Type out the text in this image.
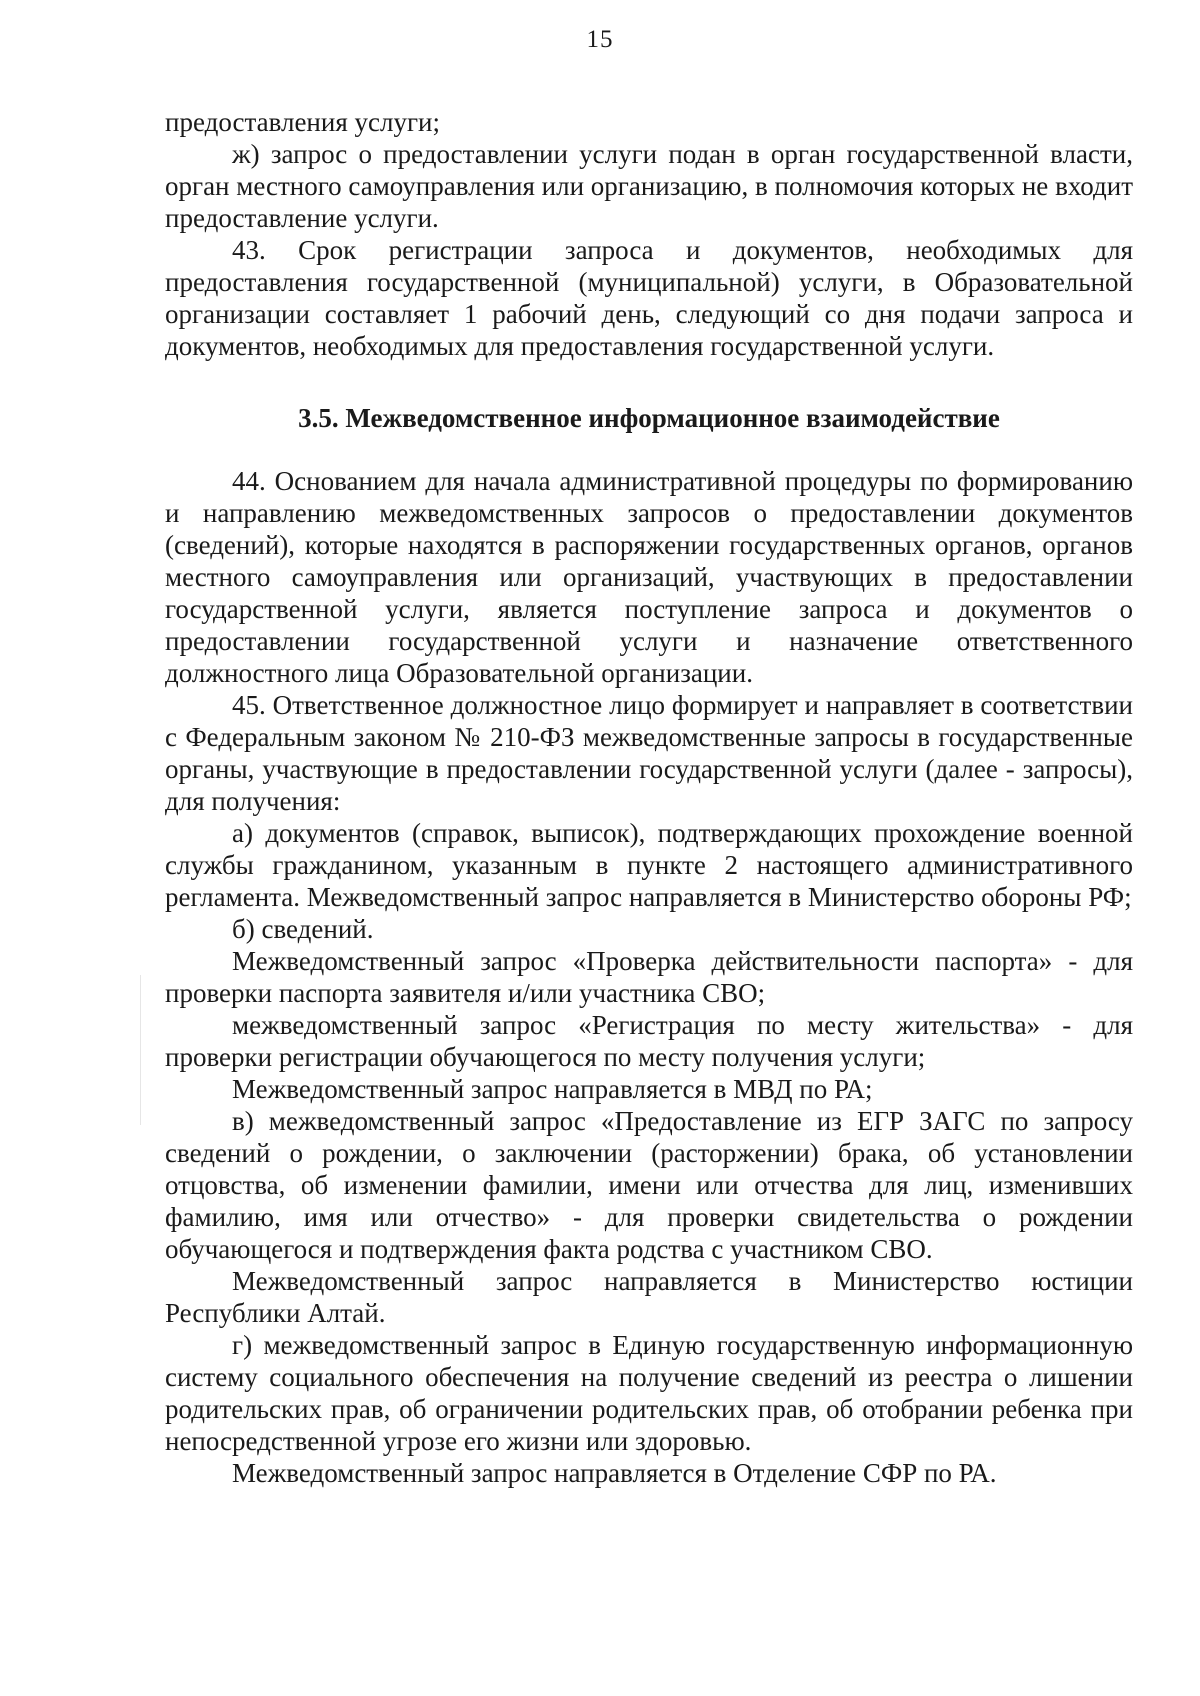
15

предоставления услуги;

ж) запрос о предоставлении услуги подан в орган государственной власти, орган местного самоуправления или организацию, в полномочия которых не входит предоставление услуги.

43. Срок регистрации запроса и документов, необходимых для предоставления государственной (муниципальной) услуги, в Образовательной организации составляет 1 рабочий день, следующий со дня подачи запроса и документов, необходимых для предоставления государственной услуги.

3.5. Межведомственное информационное взаимодействие

44. Основанием для начала административной процедуры по формированию и направлению межведомственных запросов о предоставлении документов (сведений), которые находятся в распоряжении государственных органов, органов местного самоуправления или организаций, участвующих в предоставлении государственной услуги, является поступление запроса и документов о предоставлении государственной услуги и назначение ответственного должностного лица Образовательной организации.

45. Ответственное должностное лицо формирует и направляет в соответствии с Федеральным законом № 210-ФЗ межведомственные запросы в государственные органы, участвующие в предоставлении государственной услуги (далее - запросы), для получения:

а) документов (справок, выписок), подтверждающих прохождение военной службы гражданином, указанным в пункте 2 настоящего административного регламента. Межведомственный запрос направляется в Министерство обороны РФ;

б) сведений.

Межведомственный запрос «Проверка действительности паспорта» - для проверки паспорта заявителя и/или участника СВО;

межведомственный запрос «Регистрация по месту жительства» - для проверки регистрации обучающегося по месту получения услуги;

Межведомственный запрос направляется в МВД по РА;

в) межведомственный запрос «Предоставление из ЕГР ЗАГС по запросу сведений о рождении, о заключении (расторжении) брака, об установлении отцовства, об изменении фамилии, имени или отчества для лиц, изменивших фамилию, имя или отчество» - для проверки свидетельства о рождении обучающегося и подтверждения факта родства с участником СВО.

Межведомственный запрос направляется в Министерство юстиции Республики Алтай.

г) межведомственный запрос в Единую государственную информационную систему социального обеспечения на получение сведений из реестра о лишении родительских прав, об ограничении родительских прав, об отобрании ребенка при непосредственной угрозе его жизни или здоровью.

Межведомственный запрос направляется в Отделение СФР по РА.
